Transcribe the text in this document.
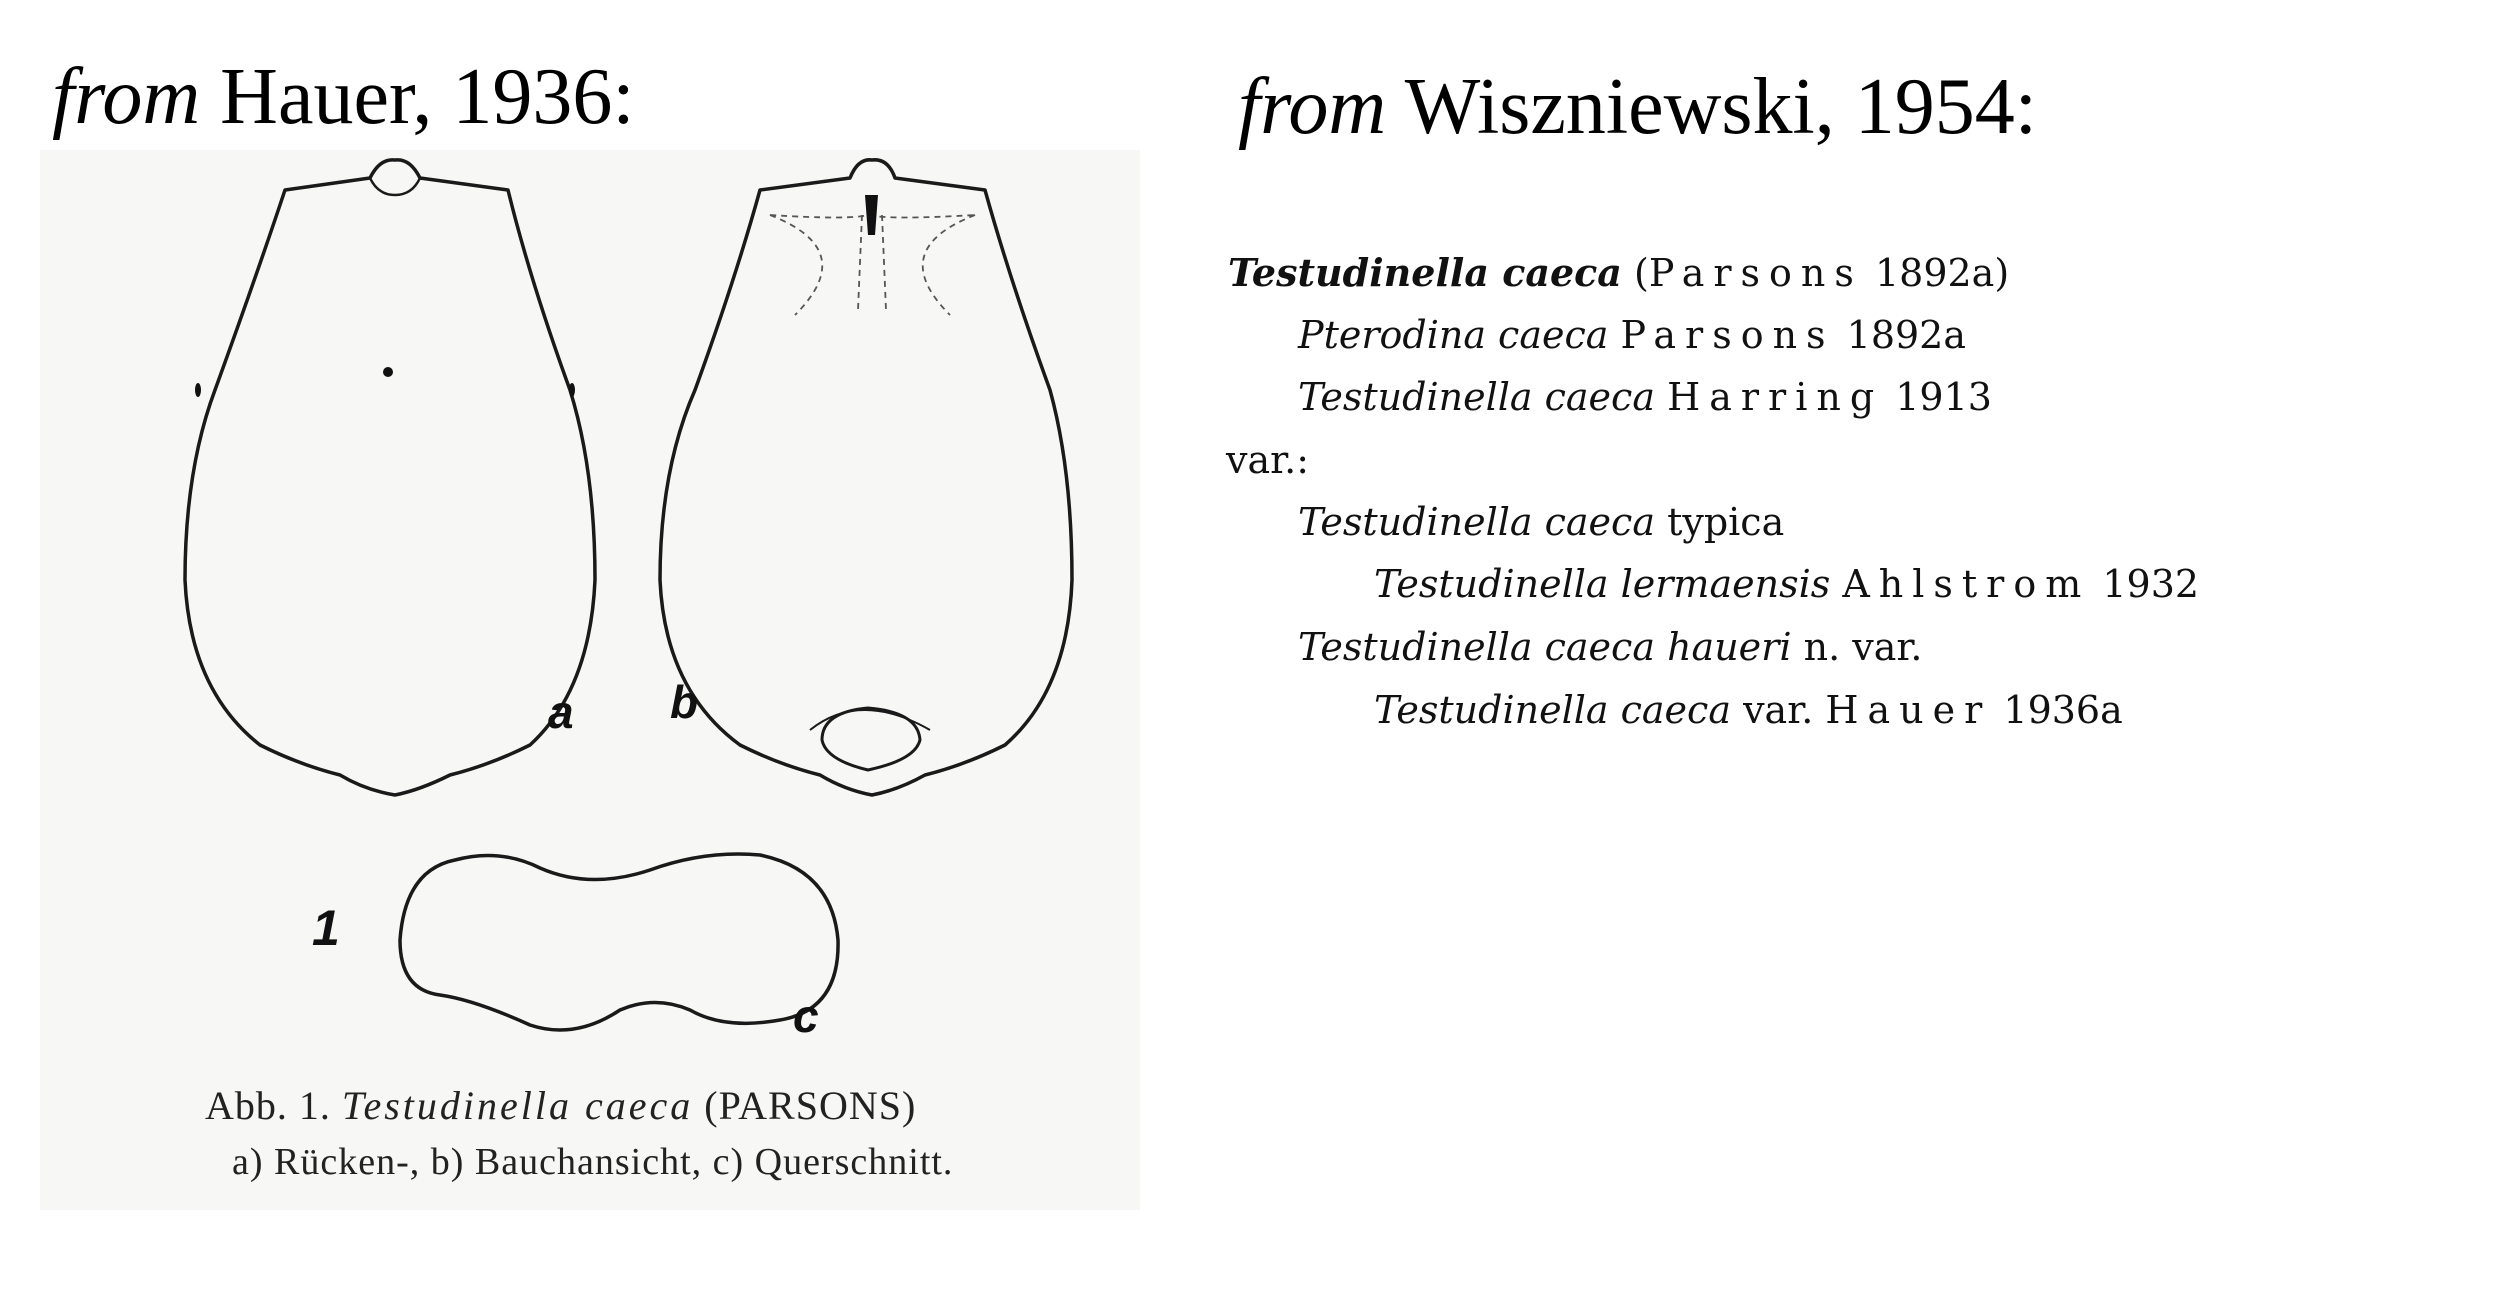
from Hauer, 1936:	from Wiszniewski, 1954:
a b
c
1
Abb. 1. Testudinella caeca (PARSONS)
a) Rücken-, b) Bauchansicht, c) Querschnitt.
Testudinella caeca (Parsons 1892a)
Pterodina caeca Parsons 1892a
Testudinella caeca Harring 1913
var.:
Testudinella caeca typica
Testudinella lermaensis Ahlstrom 1932
Testudinella caeca haueri n. var.
Testudinella caeca var. Hauer 1936a
